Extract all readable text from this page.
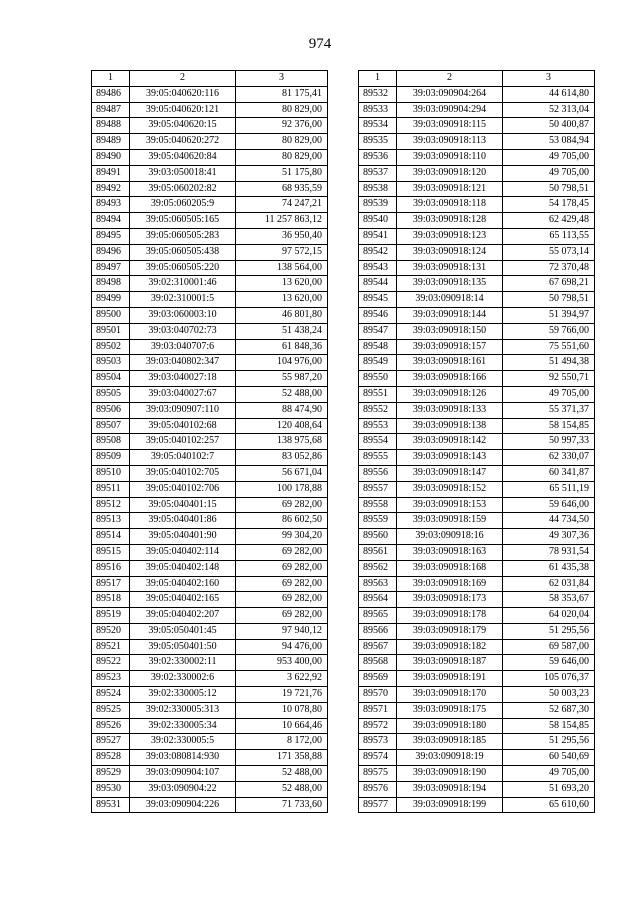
974
1	2	3
89486	39:05:040620:116	81 175,41
89487	39:05:040620:121	80 829,00
89488	39:05:040620:15	92 376,00
89489	39:05:040620:272	80 829,00
89490	39:05:040620:84	80 829,00
89491	39:03:050018:41	51 175,80
89492	39:05:060202:82	68 935,59
89493	39:05:060205:9	74 247,21
89494	39:05:060505:165	11 257 863,12
89495	39:05:060505:283	36 950,40
89496	39:05:060505:438	97 572,15
89497	39:05:060505:220	138 564,00
89498	39:02:310001:46	13 620,00
89499	39:02:310001:5	13 620,00
89500	39:03:060003:10	46 801,80
89501	39:03:040702:73	51 438,24
89502	39:03:040707:6	61 848,36
89503	39:03:040802:347	104 976,00
89504	39:03:040027:18	55 987,20
89505	39:03:040027:67	52 488,00
89506	39:03:090907:110	88 474,90
89507	39:05:040102:68	120 408,64
89508	39:05:040102:257	138 975,68
89509	39:05:040102:7	83 052,86
89510	39:05:040102:705	56 671,04
89511	39:05:040102:706	100 178,88
89512	39:05:040401:15	69 282,00
89513	39:05:040401:86	86 602,50
89514	39:05:040401:90	99 304,20
89515	39:05:040402:114	69 282,00
89516	39:05:040402:148	69 282,00
89517	39:05:040402:160	69 282,00
89518	39:05:040402:165	69 282,00
89519	39:05:040402:207	69 282,00
89520	39:05:050401:45	97 940,12
89521	39:05:050401:50	94 476,00
89522	39:02:330002:11	953 400,00
89523	39:02:330002:6	3 622,92
89524	39:02:330005:12	19 721,76
89525	39:02:330005:313	10 078,80
89526	39:02:330005:34	10 664,46
89527	39:02:330005:5	8 172,00
89528	39:03:080814:930	171 358,88
89529	39:03:090904:107	52 488,00
89530	39:03:090904:22	52 488,00
89531	39:03:090904:226	71 733,60
1	2	3
89532	39:03:090904:264	44 614,80
89533	39:03:090904:294	52 313,04
89534	39:03:090918:115	50 400,87
89535	39:03:090918:113	53 084,94
89536	39:03:090918:110	49 705,00
89537	39:03:090918:120	49 705,00
89538	39:03:090918:121	50 798,51
89539	39:03:090918:118	54 178,45
89540	39:03:090918:128	62 429,48
89541	39:03:090918:123	65 113,55
89542	39:03:090918:124	55 073,14
89543	39:03:090918:131	72 370,48
89544	39:03:090918:135	67 698,21
89545	39:03:090918:14	50 798,51
89546	39:03:090918:144	51 394,97
89547	39:03:090918:150	59 766,00
89548	39:03:090918:157	75 551,60
89549	39:03:090918:161	51 494,38
89550	39:03:090918:166	92 550,71
89551	39:03:090918:126	49 705,00
89552	39:03:090918:133	55 371,37
89553	39:03:090918:138	58 154,85
89554	39:03:090918:142	50 997,33
89555	39:03:090918:143	62 330,07
89556	39:03:090918:147	60 341,87
89557	39:03:090918:152	65 511,19
89558	39:03:090918:153	59 646,00
89559	39:03:090918:159	44 734,50
89560	39:03:090918:16	49 307,36
89561	39:03:090918:163	78 931,54
89562	39:03:090918:168	61 435,38
89563	39:03:090918:169	62 031,84
89564	39:03:090918:173	58 353,67
89565	39:03:090918:178	64 020,04
89566	39:03:090918:179	51 295,56
89567	39:03:090918:182	69 587,00
89568	39:03:090918:187	59 646,00
89569	39:03:090918:191	105 076,37
89570	39:03:090918:170	50 003,23
89571	39:03:090918:175	52 687,30
89572	39:03:090918:180	58 154,85
89573	39:03:090918:185	51 295,56
89574	39:03:090918:19	60 540,69
89575	39:03:090918:190	49 705,00
89576	39:03:090918:194	51 693,20
89577	39:03:090918:199	65 610,60
